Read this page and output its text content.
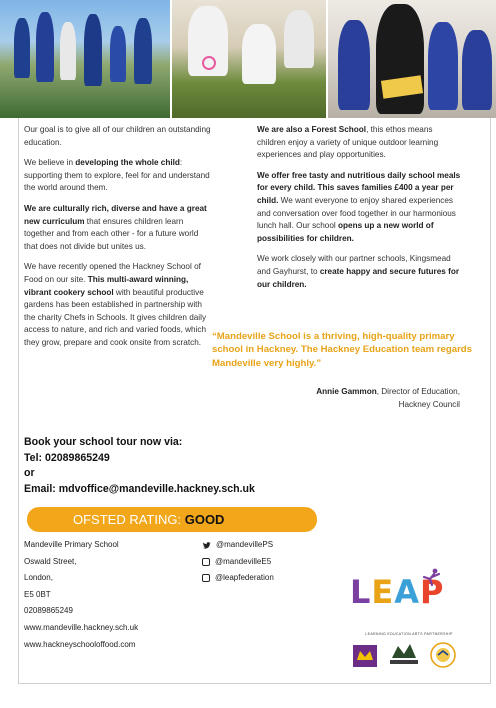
Our goal is to give all of our children an outstanding education.

We believe in developing the whole child: supporting them to explore, feel for and understand the world around them.

We are culturally rich, diverse and have a great new curriculum that ensures children learn together and from each other - for a future world that does not divide but unites us.

We have recently opened the Hackney School of Food on our site. This multi-award winning, vibrant cookery school with beautiful productive gardens has been established in partnership with the charity Chefs in Schools. It gives children daily access to nature, and rich and varied foods, which they grow, prepare and cook onsite from scratch.

We are also a Forest School, this ethos means children enjoy a variety of unique outdoor learning experiences and play opportunities.

We offer free tasty and nutritious daily school meals for every child. This saves families £400 a year per child. We want everyone to enjoy shared experiences and conversation over food together in our harmonious lunch hall. Our school opens up a new world of possibilities for children.

We work closely with our partner schools, Kingsmead and Gayhurst, to create happy and secure futures for our children.

“Mandeville School is a thriving, high-quality primary school in Hackney. The Hackney Education team regards Mandeville very highly.”
Annie Gammon, Director of Education,
Hackney Council
Book your school tour now via:
Tel: 02089865249
or
Email: mdvoffice@mandeville.hackney.sch.uk
OFSTED RATING: GOOD
Mandeville Primary School
Oswald Street,
London,
E5 0BT
02089865249
www.mandeville.hackney.sch.uk
www.hackneyschooloffood.com
@mandevillePS
@mandevilleE5
@leapfederation L E A P
LEARNING EDUCATION ARTS PARTNERSHIP
